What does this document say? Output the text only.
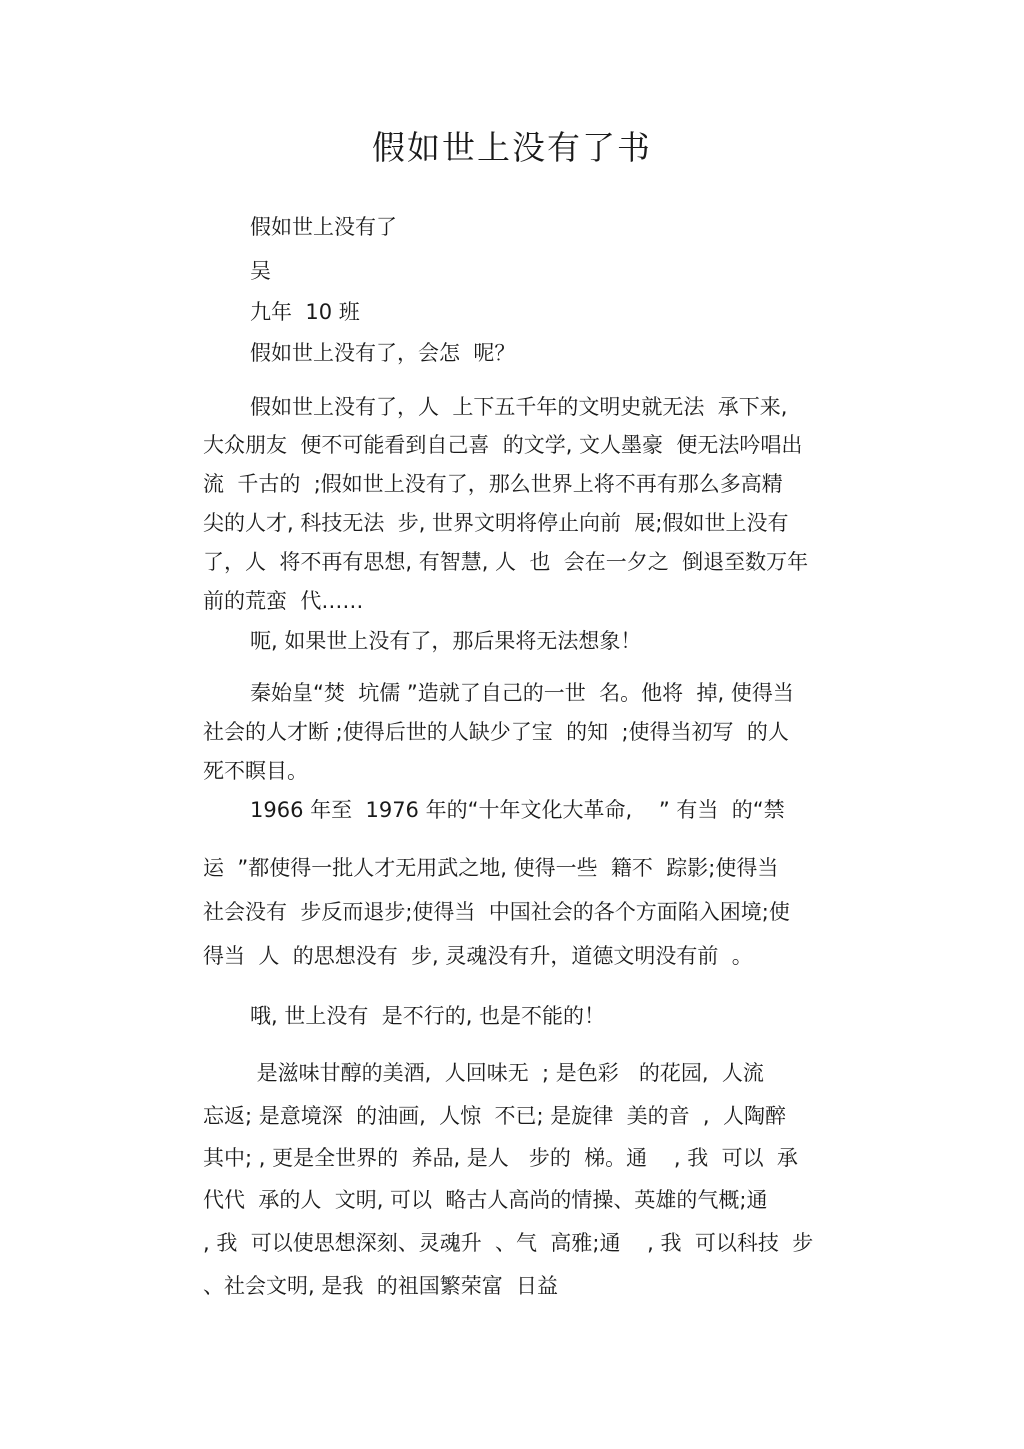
假如世上没有了书
假如世上没有了
吴
九年  10 班
假如世上没有了，会怎  呢？
假如世上没有了，人  上下五千年的文明史就无法  承下来,
大众朋友  便不可能看到自己喜  的文学, 文人墨豪  便无法吟唱出
流  千古的  ;假如世上没有了，那么世界上将不再有那么多高精
尖的人才, 科技无法  步, 世界文明将停止向前  展;假如世上没有
了，人  将不再有思想, 有智慧, 人  也  会在一夕之  倒退至数万年
前的荒蛮  代……
呃, 如果世上没有了，那后果将无法想象！
秦始皇“焚  坑儒 ”造就了自己的一世  名。他将  掉, 使得当
社会的人才断 ;使得后世的人缺少了宝  的知  ;使得当初写  的人
死不瞑目。
1966 年至  1976 年的“十年文化大革命,    ” 有当  的“禁
运  ”都使得一批人才无用武之地, 使得一些  籍不  踪影;使得当
社会没有  步反而退步;使得当  中国社会的各个方面陷入困境;使
得当  人  的思想没有  步, 灵魂没有升，道德文明没有前  。
哦, 世上没有  是不行的, 也是不能的！
是滋味甘醇的美酒,  人回味无  ; 是色彩   的花园,  人流
忘返; 是意境深  的油画,  人惊  不已; 是旋律  美的音  ,  人陶醉
其中; , 更是全世界的  养品, 是人   步的  梯。通    , 我  可以  承
代代  承的人  文明, 可以  略古人高尚的情操、英雄的气概;通
, 我  可以使思想深刻、灵魂升  、气  高雅;通    , 我  可以科技  步
、社会文明, 是我  的祖国繁荣富  日益
